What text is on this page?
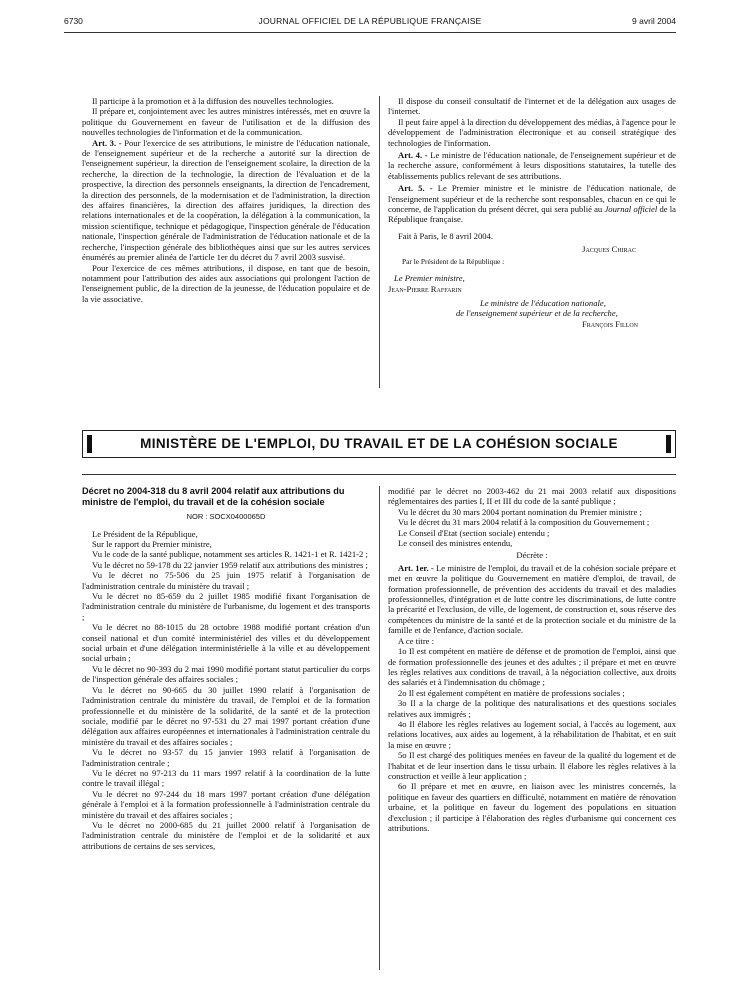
6730	JOURNAL OFFICIEL DE LA RÉPUBLIQUE FRANÇAISE	9 avril 2004

Il participe à la promotion et à la diffusion des nouvelles technologies.

Il prépare et, conjointement avec les autres ministres intéressés, met en œuvre la politique du Gouvernement en faveur de l'utilisation et de la diffusion des nouvelles technologies de l'information et de la communication.

Art. 3. - Pour l'exercice de ses attributions, le ministre de l'éducation nationale, de l'enseignement supérieur et de la recherche a autorité sur la direction de l'enseignement supérieur, la direction de l'enseignement scolaire, la direction de la recherche, la direction de la technologie, la direction de l'évaluation et de la prospective, la direction des personnels enseignants, la direction de l'encadrement, la direction des personnels, de la modernisation et de l'administration, la direction des affaires financières, la direction des affaires juridiques, la direction des relations internationales et de la coopération, la délégation à la communication, la mission scientifique, technique et pédagogique, l'inspection générale de l'éducation nationale, l'inspection générale de l'administration de l'éducation nationale et de la recherche, l'inspection générale des bibliothèques ainsi que sur les autres services énumérés au premier alinéa de l'article 1er du décret du 7 avril 2003 susvisé.

Pour l'exercice de ces mêmes attributions, il dispose, en tant que de besoin, notamment pour l'attribution des aides aux associations qui prolongent l'action de l'enseignement public, de la direction de la jeunesse, de l'éducation populaire et de la vie associative.

Il dispose du conseil consultatif de l'internet et de la délégation aux usages de l'internet.

Il peut faire appel à la direction du développement des médias, à l'agence pour le développement de l'administration électronique et au conseil stratégique des technologies de l'information.

Art. 4. - Le ministre de l'éducation nationale, de l'enseignement supérieur et de la recherche assure, conformément à leurs dispositions statutaires, la tutelle des établissements publics relevant de ses attributions.

Art. 5. - Le Premier ministre et le ministre de l'éducation nationale, de l'enseignement supérieur et de la recherche sont responsables, chacun en ce qui le concerne, de l'application du présent décret, qui sera publié au Journal officiel de la République française.

Fait à Paris, le 8 avril 2004.

Jacques Chirac

Par le Président de la République :

Le Premier ministre,

Jean-Pierre Raffarin

Le ministre de l'éducation nationale,

de l'enseignement supérieur et de la recherche,

François Fillon

MINISTÈRE DE L'EMPLOI, DU TRAVAIL ET DE LA COHÉSION SOCIALE
Décret no 2004-318 du 8 avril 2004 relatif aux attributions du ministre de l'emploi, du travail et de la cohésion sociale
NOR : SOCX0400065D

Le Président de la République,

Sur le rapport du Premier ministre,

Vu le code de la santé publique, notamment ses articles R. 1421-1 et R. 1421-2 ;

Vu le décret no 59-178 du 22 janvier 1959 relatif aux attributions des ministres ;

Vu le décret no 75-506 du 25 juin 1975 relatif à l'organisation de l'administration centrale du ministère du travail ;

Vu le décret no 85-659 du 2 juillet 1985 modifié fixant l'organisation de l'administration centrale du ministère de l'urbanisme, du logement et des transports ;

Vu le décret no 88-1015 du 28 octobre 1988 modifié portant création d'un conseil national et d'un comité interministériel des villes et du développement social urbain et d'une délégation interministérielle à la ville et au développement social urbain ;

Vu le décret no 90-393 du 2 mai 1990 modifié portant statut particulier du corps de l'inspection générale des affaires sociales ;

Vu le décret no 90-665 du 30 juillet 1990 relatif à l'organisation de l'administration centrale du ministère du travail, de l'emploi et de la formation professionnelle et du ministère de la solidarité, de la santé et de la protection sociale, modifié par le décret no 97-531 du 27 mai 1997 portant création d'une délégation aux affaires européennes et internationales à l'administration centrale du ministère du travail et des affaires sociales ;

Vu le décret no 93-57 du 15 janvier 1993 relatif à l'organisation de l'administration centrale ;

Vu le décret no 97-213 du 11 mars 1997 relatif à la coordination de la lutte contre le travail illégal ;

Vu le décret no 97-244 du 18 mars 1997 portant création d'une délégation générale à l'emploi et à la formation professionnelle à l'administration centrale du ministère du travail et des affaires sociales ;

Vu le décret no 2000-685 du 21 juillet 2000 relatif à l'organisation de l'administration centrale du ministère de l'emploi et de la solidarité et aux attributions de certains de ses services,

modifié par le décret no 2003-462 du 21 mai 2003 relatif aux dispositions réglementaires des parties I, II et III du code de la santé publique ;

Vu le décret du 30 mars 2004 portant nomination du Premier ministre ;

Vu le décret du 31 mars 2004 relatif à la composition du Gouvernement ;

Le Conseil d'Etat (section sociale) entendu ;

Le conseil des ministres entendu,

Décrète :

Art. 1er. - Le ministre de l'emploi, du travail et de la cohésion sociale prépare et met en œuvre la politique du Gouvernement en matière d'emploi, de travail, de formation professionnelle, de prévention des accidents du travail et des maladies professionnelles, d'intégration et de lutte contre les discriminations, de lutte contre la précarité et l'exclusion, de ville, de logement, de construction et, sous réserve des compétences du ministre de la santé et de la protection sociale et du ministre de la famille et de l'enfance, d'action sociale.

A ce titre :

1o Il est compétent en matière de défense et de promotion de l'emploi, ainsi que de formation professionnelle des jeunes et des adultes ; il prépare et met en œuvre les règles relatives aux conditions de travail, à la négociation collective, aux droits des salariés et à l'indemnisation du chômage ;

2o Il est également compétent en matière de professions sociales ;

3o Il a la charge de la politique des naturalisations et des questions sociales relatives aux immigrés ;

4o Il élabore les règles relatives au logement social, à l'accès au logement, aux relations locatives, aux aides au logement, à la réhabilitation de l'habitat, et en suit la mise en œuvre ;

5o Il est chargé des politiques menées en faveur de la qualité du logement et de l'habitat et de leur insertion dans le tissu urbain. Il élabore les règles relatives à la construction et veille à leur application ;

6o Il prépare et met en œuvre, en liaison avec les ministres concernés, la politique en faveur des quartiers en difficulté, notamment en matière de rénovation urbaine, et la politique en faveur du logement des populations en situation d'exclusion ; il participe à l'élaboration des règles d'urbanisme qui concernent ces attributions.
